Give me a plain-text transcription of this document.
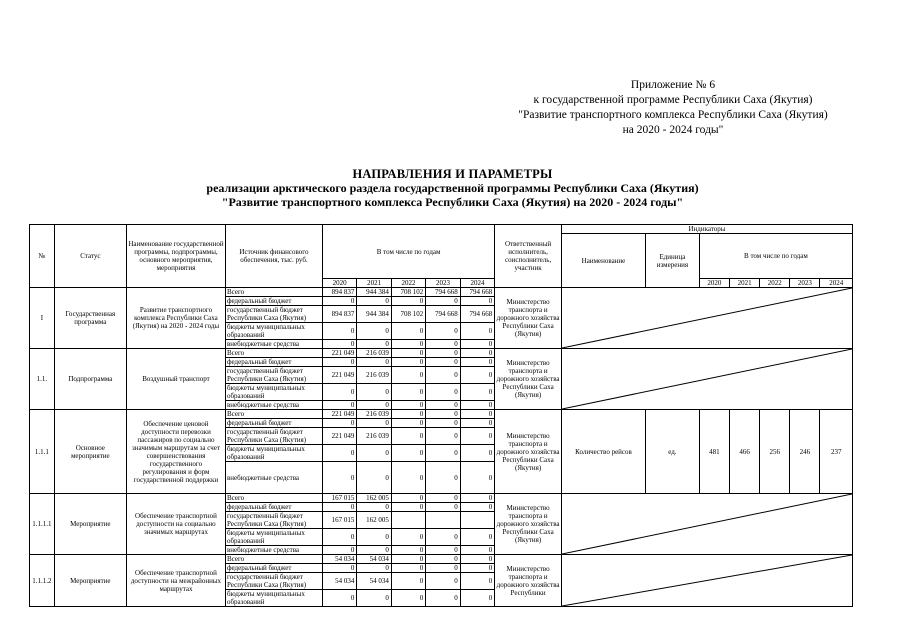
Приложение № 6
к государственной программе Республики Саха (Якутия)
"Развитие транспортного комплекса Республики Саха (Якутия)
на 2020 - 2024 годы"
НАПРАВЛЕНИЯ И ПАРАМЕТРЫ
реализации арктического раздела государственной программы Республики Саха (Якутия)
"Развитие транспортного комплекса Республики Саха (Якутия) на 2020 - 2024 годы"
№	Статус	Наименование государственной программы, подпрограммы, основного мероприятия, мероприятия	Источник финансового обеспечения, тыс. руб.	В том числе по годам					Ответственный исполнитель, соисполнитель, участник	Индикаторы						
										Наименование	Единица измерения	В том числе по годам				
				2020	2021	2022	2023	2024				2020	2021	2022	2023	2024
I	Государственная программа	Развитие транспортного комплекса Республики Саха (Якутия) на 2020 - 2024 годы	Всего	894 837	944 384	708 102	794 668	794 668	Министерство транспорта и дорожного хозяйства Республики Саха (Якутия)	

			федеральный бюджет	0	0	0	0	0								
			государственный бюджет Республики Саха (Якутия)	894 837	944 384	708 102	794 668	794 668								
			бюджеты муниципальных образований	0	0	0	0	0								
			внебюджетные средства	0	0	0	0	0								
1.1.	Подпрограмма	Воздушный транспорт	Всего	221 049	216 039	0	0	0	Министерство транспорта и дорожного хозяйства Республики Саха (Якутия)	

			федеральный бюджет	0	0	0	0	0								
			государственный бюджет Республики Саха (Якутия)	221 049	216 039	0	0	0								
			бюджеты муниципальных образований	0	0	0	0	0								
			внебюджетные средства	0	0	0	0	0								
1.1.1	Основное мероприятие	Обеспечение ценовой доступности перевозки пассажиров по социально значимым маршрутам за счет совершенствования государственного регулирования и форм государственной поддержки	Всего	221 049	216 039	0	0	0	Министерство транспорта и дорожного хозяйства Республики Саха (Якутия)	Количество рейсов	ед.	481	466	256	246	237
			федеральный бюджет	0	0	0	0	0								
			государственный бюджет Республики Саха (Якутия)	221 049	216 039	0	0	0								
			бюджеты муниципальных образований	0	0	0	0	0								
			внебюджетные средства	0	0	0	0	0								
1.1.1.1	Мероприятие	Обеспечение транспортной доступности на социально значимых маршрутах	Всего	167 015	162 005	0	0	0	Министерство транспорта и дорожного хозяйства Республики Саха (Якутия)	

			федеральный бюджет	0	0	0	0	0								
			государственный бюджет Республики Саха (Якутия)	167 015	162 005											
			бюджеты муниципальных образований	0	0	0	0	0								
			внебюджетные средства	0	0	0	0	0								
1.1.1.2	Мероприятие	Обеспечение транспортной доступности на межрайонных маршрутах	Всего	54 034	54 034	0	0	0	Министерство транспорта и дорожного хозяйства Республики	

			федеральный бюджет	0	0	0	0	0								
			государственный бюджет Республики Саха (Якутия)	54 034	54 034	0	0	0								
			бюджеты муниципальных образований	0	0	0	0	0								
